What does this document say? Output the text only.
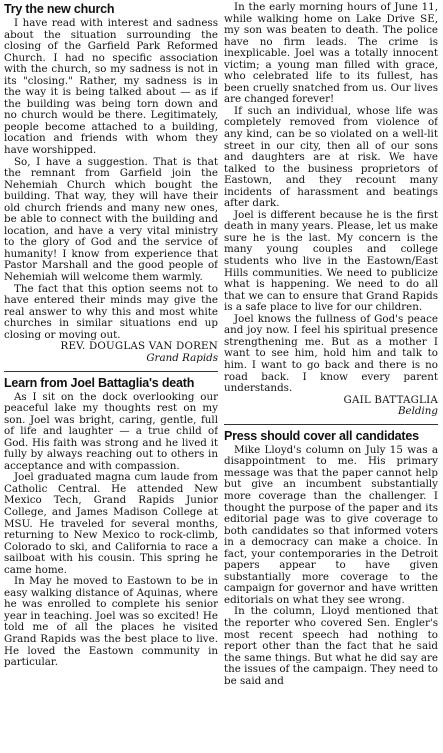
Try the new church

I have read with interest and sadness about the situation surrounding the closing of the Garfield Park Reformed Church. I had no specific association with the church, so my sadness is not in its "closing." Rather, my sadness is in the way it is being talked about — as if the building was being torn down and no church would be there. Legitimately, people become attached to a building, location and friends with whom they have worshipped.

So, I have a suggestion. That is that the remnant from Garfield join the Nehemiah Church which bought the building. That way, they will have their old church friends and many new ones, be able to connect with the building and location, and have a very vital ministry to the glory of God and the service of humanity! I know from experience that Pastor Marshall and the good people of Nehemiah will welcome them warmly.

The fact that this option seems not to have entered their minds may give the real answer to why this and most white churches in similar situations end up closing or moving out.

REV. DOUGLAS VAN DOREN

Grand Rapids

Learn from Joel Battaglia's death

As I sit on the dock overlooking our peaceful lake my thoughts rest on my son. Joel was bright, caring, gentle, full of life and laughter — a true child of God. His faith was strong and he lived it fully by always reaching out to others in acceptance and with compassion.

Joel graduated magna cum laude from Catholic Central. He attended New Mexico Tech, Grand Rapids Junior College, and James Madison College at MSU. He traveled for several months, returning to New Mexico to rock-climb, Colorado to ski, and California to race a sailboat with his cousin. This spring he came home.

In May he moved to Eastown to be in easy walking distance of Aquinas, where he was enrolled to complete his senior year in teaching. Joel was so excited! He told me of all the places he visited Grand Rapids was the best place to live. He loved the Eastown community in particular.

In the early morning hours of June 11, while walking home on Lake Drive SE, my son was beaten to death. The police have no firm leads. The crime is inexplicable. Joel was a totally innocent victim; a young man filled with grace, who celebrated life to its fullest, has been cruelly snatched from us. Our lives are changed forever!

If such an individual, whose life was completely removed from violence of any kind, can be so violated on a well-lit street in our city, then all of our sons and daughters are at risk. We have talked to the business proprietors of Eastown, and they recount many incidents of harassment and beatings after dark.

Joel is different because he is the first death in many years. Please, let us make sure he is the last. My concern is the many young couples and college students who live in the Eastown/East Hills communities. We need to publicize what is happening. We need to do all that we can to ensure that Grand Rapids is a safe place to live for our children.

Joel knows the fullness of God's peace and joy now. I feel his spiritual presence strengthening me. But as a mother I want to see him, hold him and talk to him. I want to go back and there is no road back. I know every parent understands.

GAIL BATTAGLIA

Belding

Press should cover all candidates

Mike Lloyd's column on July 15 was a disappointment to me. His primary message was that the paper cannot help but give an incumbent substantially more coverage than the challenger. I thought the purpose of the paper and its editorial page was to give coverage to both candidates so that informed voters in a democracy can make a choice. In fact, your contemporaries in the Detroit papers appear to have given substantially more coverage to the campaign for governor and have written editorials on what they see wrong.

In the column, Lloyd mentioned that the reporter who covered Sen. Engler's most recent speech had nothing to report other than the fact that he said the same things. But what he did say are the issues of the campaign. They need to be said and
